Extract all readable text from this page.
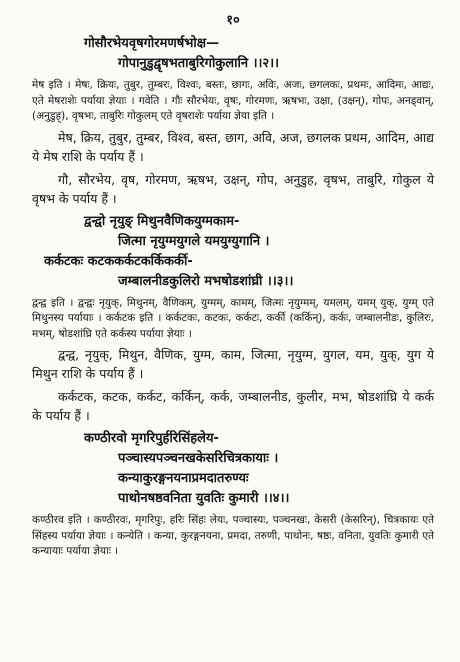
१०

गोसौरभेयवृषगोरमणर्षभोक्ष—

गोपानुडुद्वृषभताबुरिगोकुलानि ।।२।।

मेष इति । मेषः, क्रियः, तुबुर, तुम्बरः, विश्वः, बस्तः, छागः, अविः, अजः, छगलकः, प्रथमः, आदिमः, आद्यः, एते मेषराशेः पर्याया ज्ञेयाः । गवेति । गौः सौरभेयः, वृषः, गोरमणः, ऋषभः, उक्षा, (उक्षन्), गोपः, अनड्वान्, (अनुडुह्), वृषभः, ताबुरिः गोकुलम् एते वृषराशेः पर्याया ज्ञेया इति ।

मेष, क्रिय, तुबुर, तुम्बर, विश्व, बस्त, छाग, अवि, अज, छगलक प्रथम, आदिम, आद्य ये मेष राशि के पर्याय हैं ।

गौ, सौरभेय, वृष, गोरमण, ऋषभ, उक्षन्, गोप, अनुडुह, वृषभ, ताबुरि, गोकुल ये वृषभ के पर्याय हैं ।

द्वन्द्वो नृयुङ् मिथुनवैणिकयुग्मकाम-

जित्मा नृयुग्मयुगले यमयुग्युगानि ।

कर्कटकः कटककर्कटकर्किकर्की-

जम्बालनीडकुलिरो मभषोडशांघ्री ।।३।।

द्वन्द्व इति । द्वन्द्वः नृयुक्, मिथुनम्, वैणिकम्, युग्मम्, कामम्, जित्मः नृयुग्मम्, यमलम्, यमम् युक्, युग्म् एते मिथुनस्य पर्यायाः । कर्कटक इति । कर्कटकः, कटकः, कर्कटः, कर्की (कर्किन्), कर्कः, जम्बालनीडः, कुलिरः, मभम्, षोडशांघ्रि एते कर्कस्य पर्याया ज्ञेयाः ।

द्वन्द्व, नृयुक्, मिथुन, वैणिक, युग्म, काम, जित्मा, नृयुग्म, युगल, यम, युक्, युग ये मिथुन राशि के पर्याय हैं ।

कर्कटक, कटक, कर्कट, कर्किन्, कर्क, जम्बालनीड, कुलीर, मभ, षोडशांघ्रि ये कर्क के पर्याय हैं ।

कण्ठीरवो मृगरिपुर्हरिसिंहलेय-

पञ्चास्यपञ्चनखकेसरिचित्रकायाः ।

कन्याकुरङ्गनयनाप्रमदातरुण्यः

पाथोनषष्ठवनिता युवतिः कुमारी ।।४।।

कण्ठीरव इति । कण्ठीरवः, मृगरिपुः, हरिः सिंहः लेयः, पञ्चास्यः, पञ्चनखः, केसरी (केसरिन्), चित्रकायः एते सिंहस्य पर्याया ज्ञेयाः । कन्येति । कन्या, कुरङ्गनयना, प्रमदा, तरुणी, पाथोनः, षष्ठः, वनिता, युवतिः कुमारी एते कन्यायाः पर्याया ज्ञेयाः ।
